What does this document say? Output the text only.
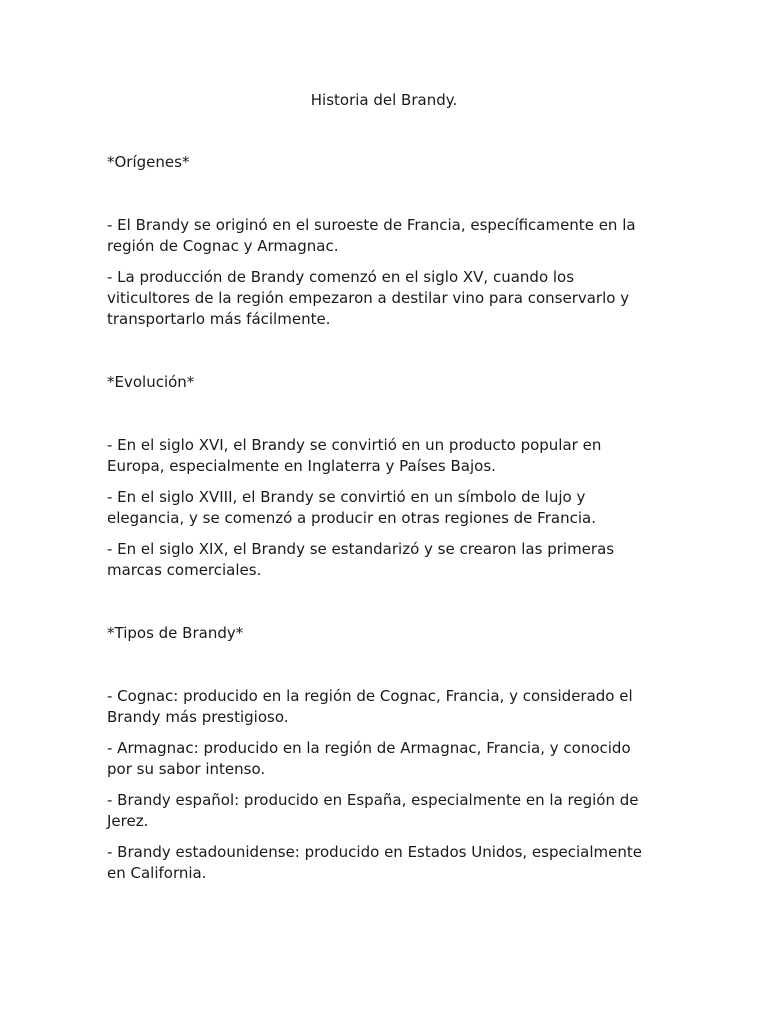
Historia del Brandy.

*Orígenes*

- El Brandy se originó en el suroeste de Francia, específicamente en la región de Cognac y Armagnac.

- La producción de Brandy comenzó en el siglo XV, cuando los viticultores de la región empezaron a destilar vino para conservarlo y transportarlo más fácilmente.

*Evolución*

- En el siglo XVI, el Brandy se convirtió en un producto popular en Europa, especialmente en Inglaterra y Países Bajos.

- En el siglo XVIII, el Brandy se convirtió en un símbolo de lujo y elegancia, y se comenzó a producir en otras regiones de Francia.

- En el siglo XIX, el Brandy se estandarizó y se crearon las primeras marcas comerciales.

*Tipos de Brandy*

- Cognac: producido en la región de Cognac, Francia, y considerado el Brandy más prestigioso.

- Armagnac: producido en la región de Armagnac, Francia, y conocido por su sabor intenso.

- Brandy español: producido en España, especialmente en la región de Jerez.

- Brandy estadounidense: producido en Estados Unidos, especialmente en California.
